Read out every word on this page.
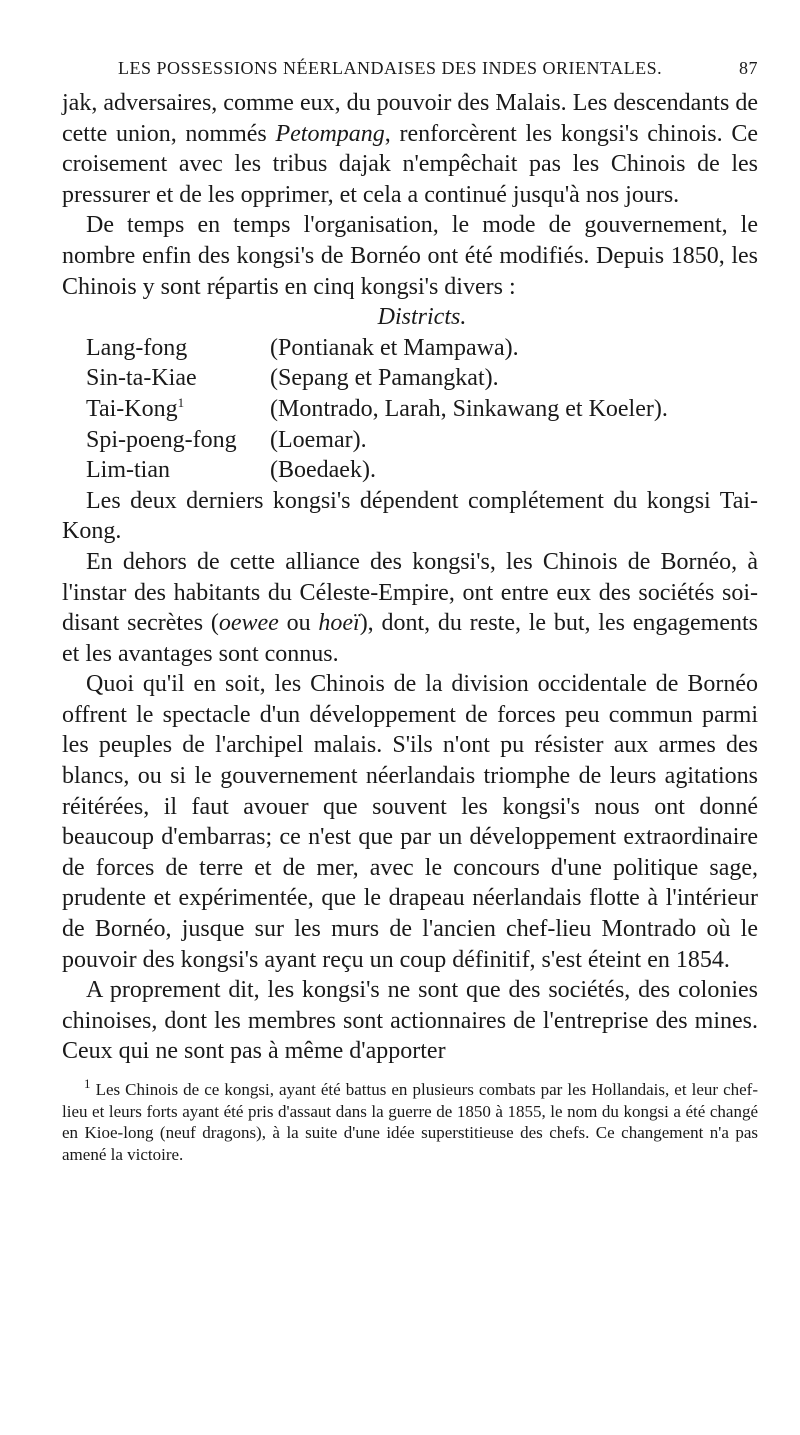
LES POSSESSIONS NÉERLANDAISES DES INDES ORIENTALES.	87

jak, adversaires, comme eux, du pouvoir des Malais. Les descendants de cette union, nommés Petompang, renforcèrent les kongsi's chinois. Ce croisement avec les tribus dajak n'empêchait pas les Chinois de les pressurer et de les opprimer, et cela a continué jusqu'à nos jours.

De temps en temps l'organisation, le mode de gouvernement, le nombre enfin des kongsi's de Bornéo ont été modifiés. Depuis 1850, les Chinois y sont répartis en cinq kongsi's divers :

Districts.

Lang-fong	(Pontianak et Mampawa).
Sin-ta-Kiae	(Sepang et Pamangkat).
Tai-Kong$^1$	(Montrado, Larah, Sinkawang et Koeler).
Spi-poeng-fong	(Loemar).
Lim-tian	(Boedaek).

Les deux derniers kongsi's dépendent complétement du kongsi Tai-Kong.

En dehors de cette alliance des kongsi's, les Chinois de Bornéo, à l'instar des habitants du Céleste-Empire, ont entre eux des sociétés soi-disant secrètes (oewee ou hoeï), dont, du reste, le but, les engagements et les avantages sont connus.

Quoi qu'il en soit, les Chinois de la division occidentale de Bornéo offrent le spectacle d'un développement de forces peu commun parmi les peuples de l'archipel malais. S'ils n'ont pu résister aux armes des blancs, ou si le gouvernement néerlandais triomphe de leurs agitations réitérées, il faut avouer que souvent les kongsi's nous ont donné beaucoup d'embarras; ce n'est que par un développement extraordinaire de forces de terre et de mer, avec le concours d'une politique sage, prudente et expérimentée, que le drapeau néerlandais flotte à l'intérieur de Bornéo, jusque sur les murs de l'ancien chef-lieu Montrado où le pouvoir des kongsi's ayant reçu un coup définitif, s'est éteint en 1854.

A proprement dit, les kongsi's ne sont que des sociétés, des colonies chinoises, dont les membres sont actionnaires de l'entreprise des mines. Ceux qui ne sont pas à même d'apporter

$^1$ Les Chinois de ce kongsi, ayant été battus en plusieurs combats par les Hollandais, et leur chef-lieu et leurs forts ayant été pris d'assaut dans la guerre de 1850 à 1855, le nom du kongsi a été changé en Kioe-long (neuf dragons), à la suite d'une idée superstitieuse des chefs. Ce changement n'a pas amené la victoire.
